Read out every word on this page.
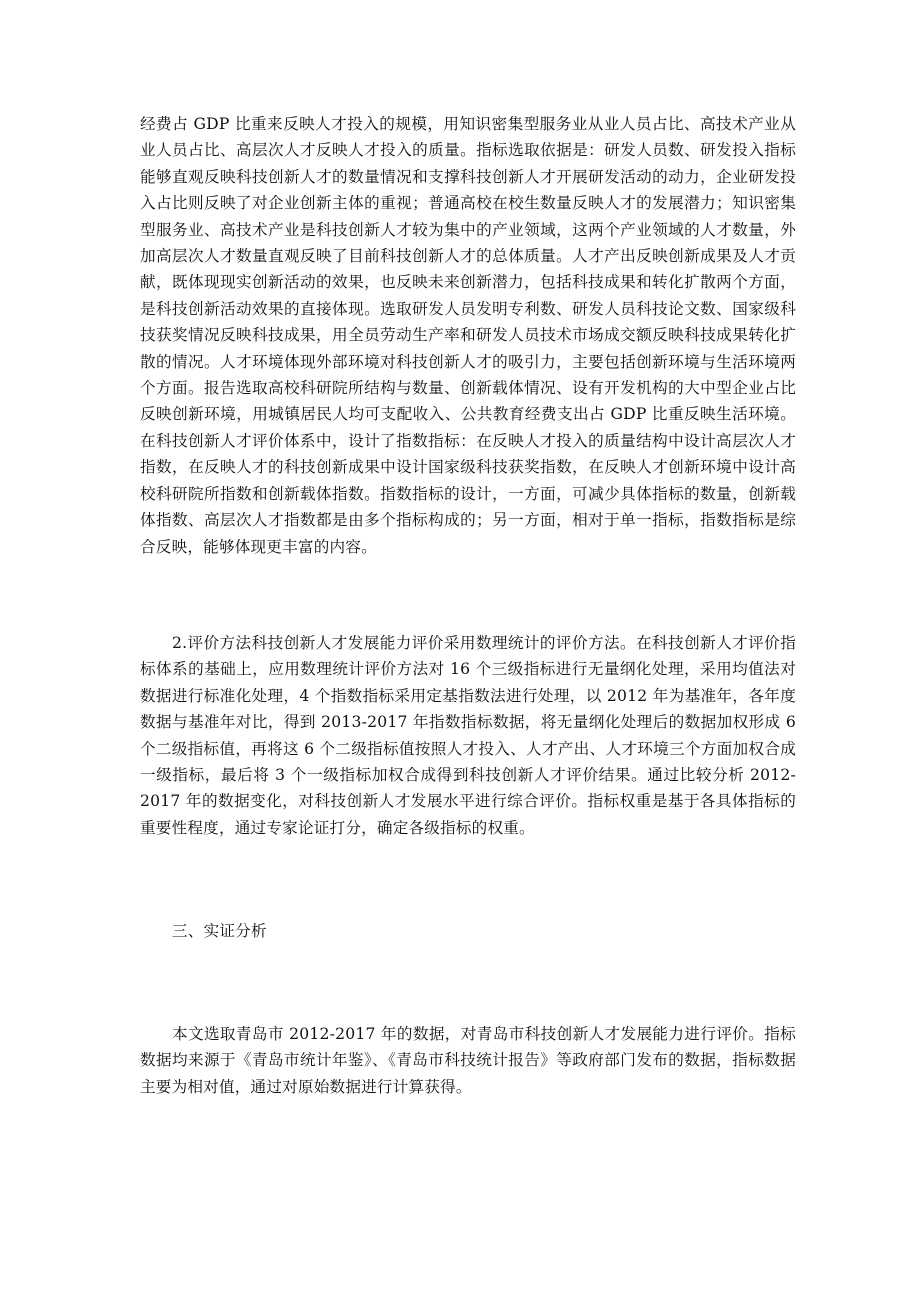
经费占 GDP 比重来反映人才投入的规模，用知识密集型服务业从业人员占比、高技术产业从业人员占比、高层次人才反映人才投入的质量。指标选取依据是：研发人员数、研发投入指标能够直观反映科技创新人才的数量情况和支撑科技创新人才开展研发活动的动力，企业研发投入占比则反映了对企业创新主体的重视；普通高校在校生数量反映人才的发展潜力；知识密集型服务业、高技术产业是科技创新人才较为集中的产业领域，这两个产业领域的人才数量，外加高层次人才数量直观反映了目前科技创新人才的总体质量。人才产出反映创新成果及人才贡献，既体现现实创新活动的效果，也反映未来创新潜力，包括科技成果和转化扩散两个方面，是科技创新活动效果的直接体现。选取研发人员发明专利数、研发人员科技论文数、国家级科技获奖情况反映科技成果，用全员劳动生产率和研发人员技术市场成交额反映科技成果转化扩散的情况。人才环境体现外部环境对科技创新人才的吸引力，主要包括创新环境与生活环境两个方面。报告选取高校科研院所结构与数量、创新载体情况、设有开发机构的大中型企业占比反映创新环境，用城镇居民人均可支配收入、公共教育经费支出占 GDP 比重反映生活环境。在科技创新人才评价体系中，设计了指数指标：在反映人才投入的质量结构中设计高层次人才指数，在反映人才的科技创新成果中设计国家级科技获奖指数，在反映人才创新环境中设计高校科研院所指数和创新载体指数。指数指标的设计，一方面，可减少具体指标的数量，创新载体指数、高层次人才指数都是由多个指标构成的；另一方面，相对于单一指标，指数指标是综合反映，能够体现更丰富的内容。

2.评价方法科技创新人才发展能力评价采用数理统计的评价方法。在科技创新人才评价指标体系的基础上，应用数理统计评价方法对 16 个三级指标进行无量纲化处理，采用均值法对数据进行标准化处理，4 个指数指标采用定基指数法进行处理，以 2012 年为基准年，各年度数据与基准年对比，得到 2013-2017 年指数指标数据，将无量纲化处理后的数据加权形成 6 个二级指标值，再将这 6 个二级指标值按照人才投入、人才产出、人才环境三个方面加权合成一级指标，最后将 3 个一级指标加权合成得到科技创新人才评价结果。通过比较分析 2012-2017 年的数据变化，对科技创新人才发展水平进行综合评价。指标权重是基于各具体指标的重要性程度，通过专家论证打分，确定各级指标的权重。

三、实证分析

本文选取青岛市 2012-2017 年的数据，对青岛市科技创新人才发展能力进行评价。指标数据均来源于《青岛市统计年鉴》、《青岛市科技统计报告》等政府部门发布的数据，指标数据主要为相对值，通过对原始数据进行计算获得。
